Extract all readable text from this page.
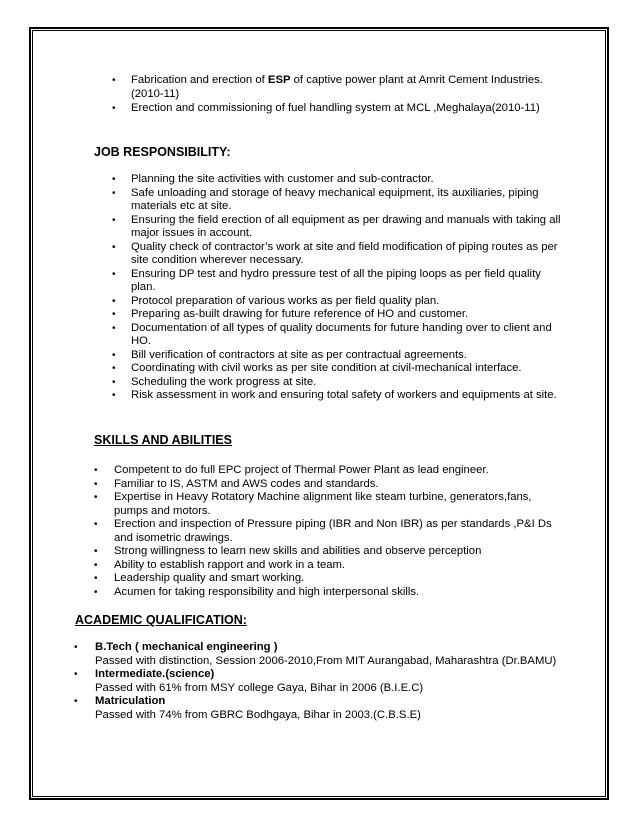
• Fabrication and erection of ESP of captive power plant at Amrit Cement Industries. (2010-11)
• Erection and commissioning of fuel handling system at MCL ,Meghalaya(2010-11)
JOB RESPONSIBILITY:
• Planning the site activities with customer and sub-contractor.
• Safe unloading and storage of heavy mechanical equipment, its auxiliaries, piping materials etc at site.
• Ensuring the field erection of all equipment as per drawing and manuals with taking all major issues in account.
• Quality check of contractor’s work at site and field modification of piping routes as per site condition wherever necessary.
• Ensuring DP test and hydro pressure test of all the piping loops as per field quality plan.
• Protocol preparation of various works as per field quality plan.
• Preparing as-built drawing for future reference of HO and customer.
• Documentation of all types of quality documents for future handing over to client and HO.
• Bill verification of contractors at site as per contractual agreements.
• Coordinating with civil works as per site condition at civil-mechanical interface.
• Scheduling the work progress at site.
• Risk assessment in work and ensuring total safety of workers and equipments at site.
SKILLS AND ABILITIES
• Competent to do full EPC project of Thermal Power Plant as lead engineer.
• Familiar to IS, ASTM and AWS codes and standards.
• Expertise in Heavy Rotatory Machine alignment like steam turbine, generators,fans, pumps and motors.
• Erection and inspection of Pressure piping (IBR and Non IBR) as per standards ,P&I Ds and isometric drawings.
• Strong willingness to learn new skills and abilities and observe perception
• Ability to establish rapport and work in a team.
• Leadership quality and smart working.
• Acumen for taking responsibility and high interpersonal skills.
ACADEMIC QUALIFICATION:
• B.Tech ( mechanical engineering )
Passed with distinction, Session 2006-2010,From MIT Aurangabad, Maharashtra (Dr.BAMU)
• Intermediate.(science)
Passed with 61% from MSY college Gaya, Bihar in 2006 (B.I.E.C)
• Matriculation
Passed with 74% from GBRC Bodhgaya, Bihar in 2003.(C.B.S.E)
